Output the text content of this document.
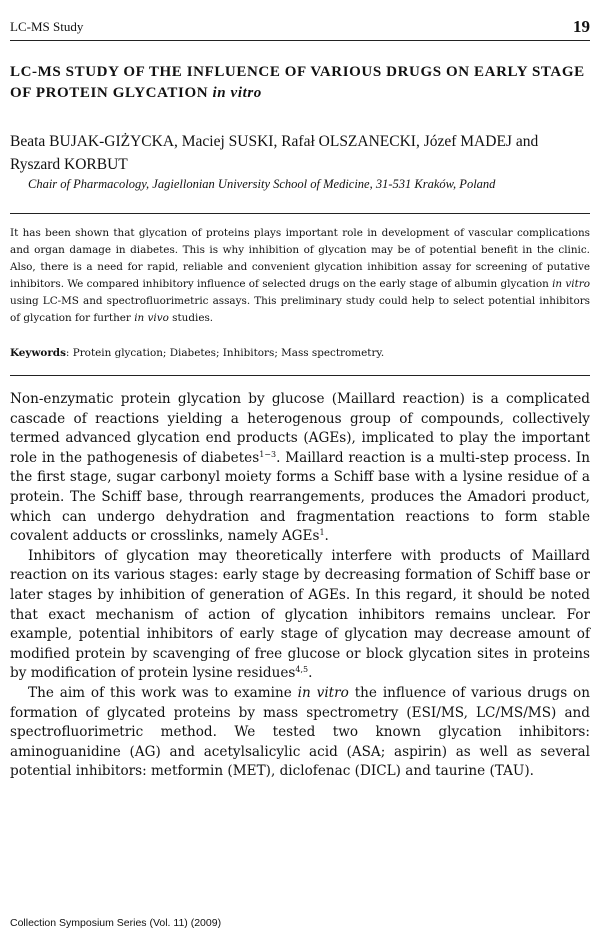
LC-MS Study	19
LC-MS STUDY OF THE INFLUENCE OF VARIOUS DRUGS ON EARLY STAGE OF PROTEIN GLYCATION in vitro
Beata BUJAK-GIŻYCKA, Maciej SUSKI, Rafał OLSZANECKI, Józef MADEJ and Ryszard KORBUT
Chair of Pharmacology, Jagiellonian University School of Medicine, 31-531 Kraków, Poland
It has been shown that glycation of proteins plays important role in development of vascular complications and organ damage in diabetes. This is why inhibition of glycation may be of potential benefit in the clinic. Also, there is a need for rapid, reliable and convenient glycation inhibition assay for screening of putative inhibitors. We compared inhibitory influence of selected drugs on the early stage of albumin glycation in vitro using LC-MS and spectrofluorimetric assays. This preliminary study could help to select potential inhibitors of glycation for further in vivo studies.
Keywords: Protein glycation; Diabetes; Inhibitors; Mass spectrometry.

Non-enzymatic protein glycation by glucose (Maillard reaction) is a complicated cascade of reactions yielding a heterogenous group of compounds, collectively termed advanced glycation end products (AGEs), implicated to play the important role in the pathogenesis of diabetes$^{1-3}$. Maillard reaction is a multi-step process. In the first stage, sugar carbonyl moiety forms a Schiff base with a lysine residue of a protein. The Schiff base, through rearrangements, produces the Amadori product, which can undergo dehydration and fragmentation reactions to form stable covalent adducts or crosslinks, namely AGEs$^1$.

Inhibitors of glycation may theoretically interfere with products of Maillard reaction on its various stages: early stage by decreasing formation of Schiff base or later stages by inhibition of generation of AGEs. In this regard, it should be noted that exact mechanism of action of glycation inhibitors remains unclear. For example, potential inhibitors of early stage of glycation may decrease amount of modified protein by scavenging of free glucose or block glycation sites in proteins by modification of protein lysine residues$^{4,5}$.

The aim of this work was to examine in vitro the influence of various drugs on formation of glycated proteins by mass spectrometry (ESI/MS, LC/MS/MS) and spectrofluorimetric method. We tested two known glycation inhibitors: aminoguanidine (AG) and acetylsalicylic acid (ASA; aspirin) as well as several potential inhibitors: metformin (MET), diclofenac (DICL) and taurine (TAU).

Collection Symposium Series (Vol. 11) (2009)
